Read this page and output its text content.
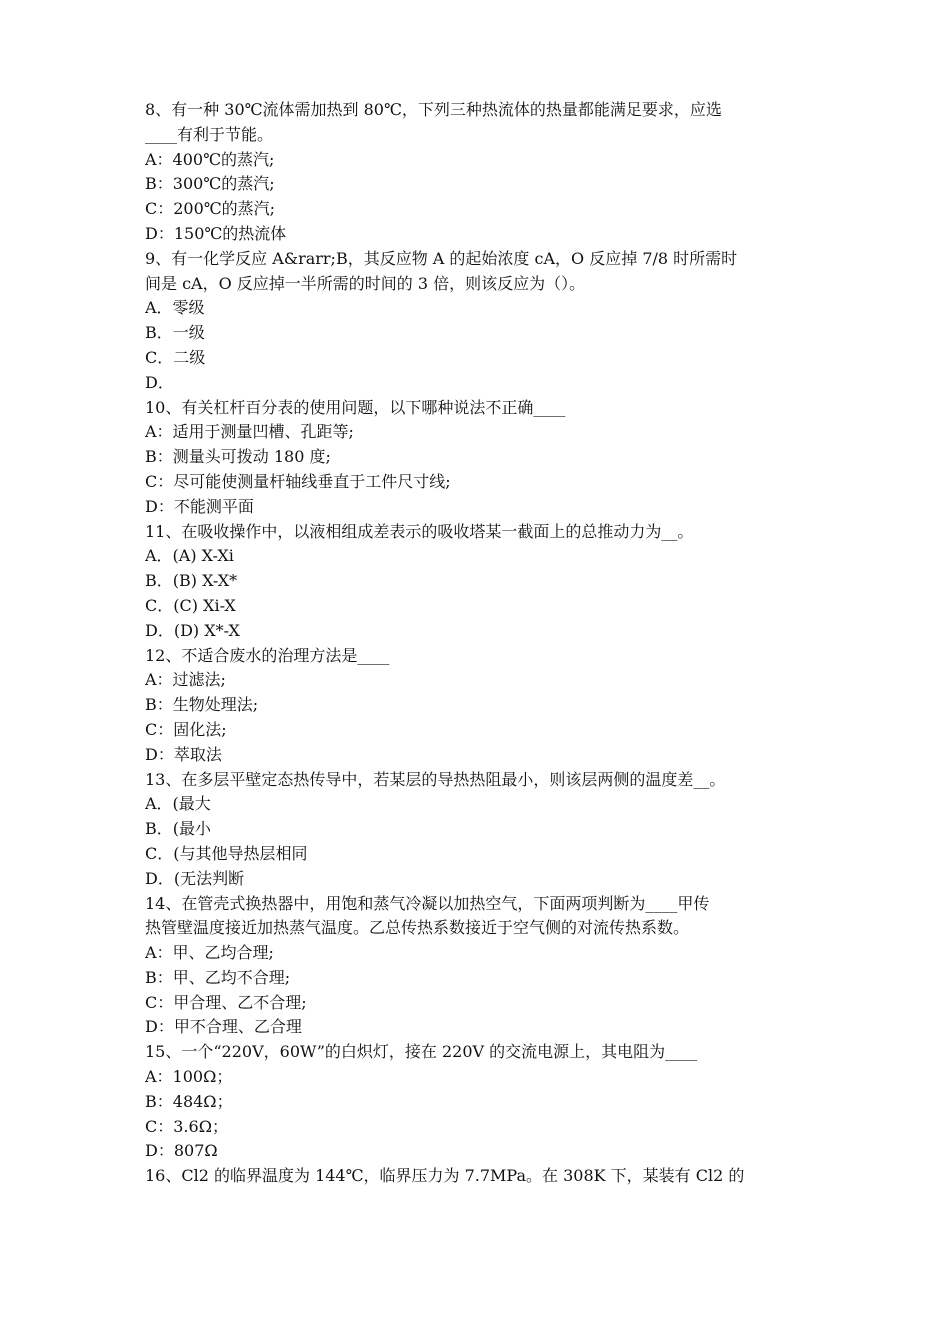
8、有一种 30℃流体需加热到 80℃，下列三种热流体的热量都能满足要求，应选
____有利于节能。
A：400℃的蒸汽;
B：300℃的蒸汽;
C：200℃的蒸汽;
D：150℃的热流体
9、有一化学反应 A&rarr;B，其反应物 A 的起始浓度 cA，O 反应掉 7/8 时所需时
间是 cA，O 反应掉一半所需的时间的 3 倍，则该反应为（）。
A．零级
B．一级
C．二级
D．
10、有关杠杆百分表的使用问题，以下哪种说法不正确____
A：适用于测量凹槽、孔距等;
B：测量头可拨动 180 度;
C：尽可能使测量杆轴线垂直于工件尺寸线;
D：不能测平面
11、在吸收操作中，以液相组成差表示的吸收塔某一截面上的总推动力为__。
A．(A) X-Xi
B．(B) X-X*
C．(C) Xi-X
D．(D) X*-X
12、不适合废水的治理方法是____
A：过滤法;
B：生物处理法;
C：固化法;
D：萃取法
13、在多层平壁定态热传导中，若某层的导热热阻最小，则该层两侧的温度差__。
A．(最大
B．(最小
C．(与其他导热层相同
D．(无法判断
14、在管壳式换热器中，用饱和蒸气冷凝以加热空气，下面两项判断为____甲传
热管壁温度接近加热蒸气温度。乙总传热系数接近于空气侧的对流传热系数。
A：甲、乙均合理;
B：甲、乙均不合理;
C：甲合理、乙不合理;
D：甲不合理、乙合理
15、一个“220V，60W”的白炽灯，接在 220V 的交流电源上，其电阻为____
A：100Ω；
B：484Ω；
C：3.6Ω；
D：807Ω
16、Cl2 的临界温度为 144℃，临界压力为 7.7MPa。在 308K 下，某装有 Cl2 的
